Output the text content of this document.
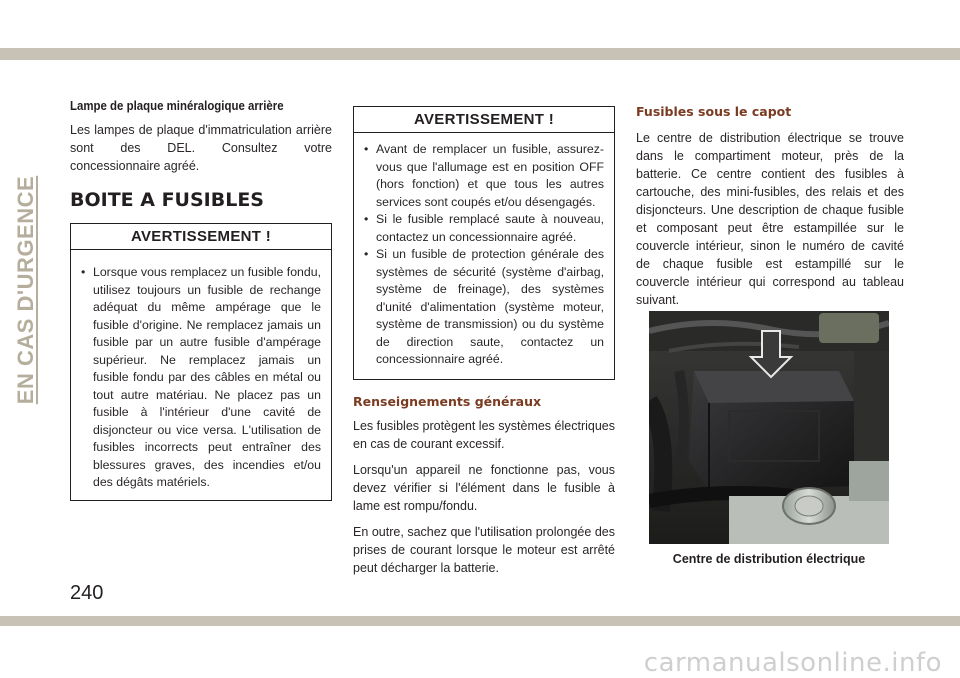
EN CAS D'URGENCE
Lampe de plaque minéralogique arrière

Les lampes de plaque d'immatriculation arrière sont des DEL. Consultez votre concessionnaire agréé.

BOITE A FUSIBLES
AVERTISSEMENT !
• Lorsque vous remplacez un fusible fondu, utilisez toujours un fusible de rechange adéquat du même ampérage que le fusible d'origine. Ne remplacez jamais un fusible par un autre fusible d'ampérage supérieur. Ne remplacez jamais un fusible fondu par des câbles en métal ou tout autre matériau. Ne placez pas un fusible à l'intérieur d'une cavité de disjoncteur ou vice versa. L'utilisation de fusibles incorrects peut entraîner des blessures graves, des incendies et/ou des dégâts matériels.
AVERTISSEMENT !
• Avant de remplacer un fusible, assurez-vous que l'allumage est en position OFF (hors fonction) et que tous les autres services sont coupés et/ou désengagés.
• Si le fusible remplacé saute à nouveau, contactez un concessionnaire agréé.
• Si un fusible de protection générale des systèmes de sécurité (système d'airbag, système de freinage), des systèmes d'unité d'alimentation (système moteur, système de transmission) ou du système de direction saute, contactez un concessionnaire agréé.
Renseignements généraux

Les fusibles protègent les systèmes électriques en cas de courant excessif.

Lorsqu'un appareil ne fonctionne pas, vous devez vérifier si l'élément dans le fusible à lame est rompu/fondu.

En outre, sachez que l'utilisation prolongée des prises de courant lorsque le moteur est arrêté peut décharger la batterie.

Fusibles sous le capot

Le centre de distribution électrique se trouve dans le compartiment moteur, près de la batterie. Ce centre contient des fusibles à cartouche, des mini-fusibles, des relais et des disjoncteurs. Une description de chaque fusible et composant peut être estampillée sur le couvercle intérieur, sinon le numéro de cavité de chaque fusible est estampillé sur le couvercle intérieur qui correspond au tableau suivant.

Centre de distribution électrique
240
carmanualsonline.info
